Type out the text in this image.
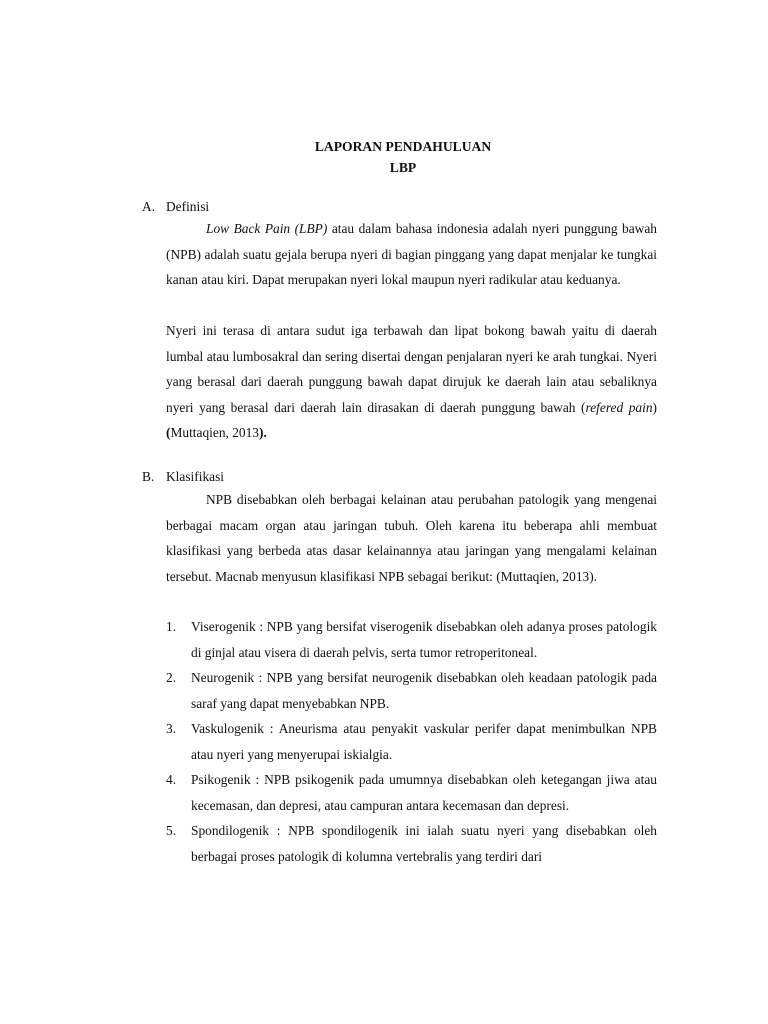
LAPORAN PENDAHULUAN
LBP
A. Definisi

Low Back Pain (LBP) atau dalam bahasa indonesia adalah nyeri punggung bawah (NPB) adalah suatu gejala berupa nyeri di bagian pinggang yang dapat menjalar ke tungkai kanan atau kiri. Dapat merupakan nyeri lokal maupun nyeri radikular atau keduanya.

Nyeri ini terasa di antara sudut iga terbawah dan lipat bokong bawah yaitu di daerah lumbal atau lumbosakral dan sering disertai dengan penjalaran nyeri ke arah tungkai. Nyeri yang berasal dari daerah punggung bawah dapat dirujuk ke daerah lain atau sebaliknya nyeri yang berasal dari daerah lain dirasakan di daerah punggung bawah (refered pain) (Muttaqien, 2013).

B. Klasifikasi

NPB disebabkan oleh berbagai kelainan atau perubahan patologik yang mengenai berbagai macam organ atau jaringan tubuh. Oleh karena itu beberapa ahli membuat klasifikasi yang berbeda atas dasar kelainannya atau jaringan yang mengalami kelainan tersebut. Macnab menyusun klasifikasi NPB sebagai berikut: (Muttaqien, 2013).

1. Viserogenik : NPB yang bersifat viserogenik disebabkan oleh adanya proses patologik di ginjal atau visera di daerah pelvis, serta tumor retroperitoneal.
2. Neurogenik : NPB yang bersifat neurogenik disebabkan oleh keadaan patologik pada saraf yang dapat menyebabkan NPB.
3. Vaskulogenik : Aneurisma atau penyakit vaskular perifer dapat menimbulkan NPB atau nyeri yang menyerupai iskialgia.
4. Psikogenik : NPB psikogenik pada umumnya disebabkan oleh ketegangan jiwa atau kecemasan, dan depresi, atau campuran antara kecemasan dan depresi.
5. Spondilogenik : NPB spondilogenik ini ialah suatu nyeri yang disebabkan oleh berbagai proses patologik di kolumna vertebralis yang terdiri dari
